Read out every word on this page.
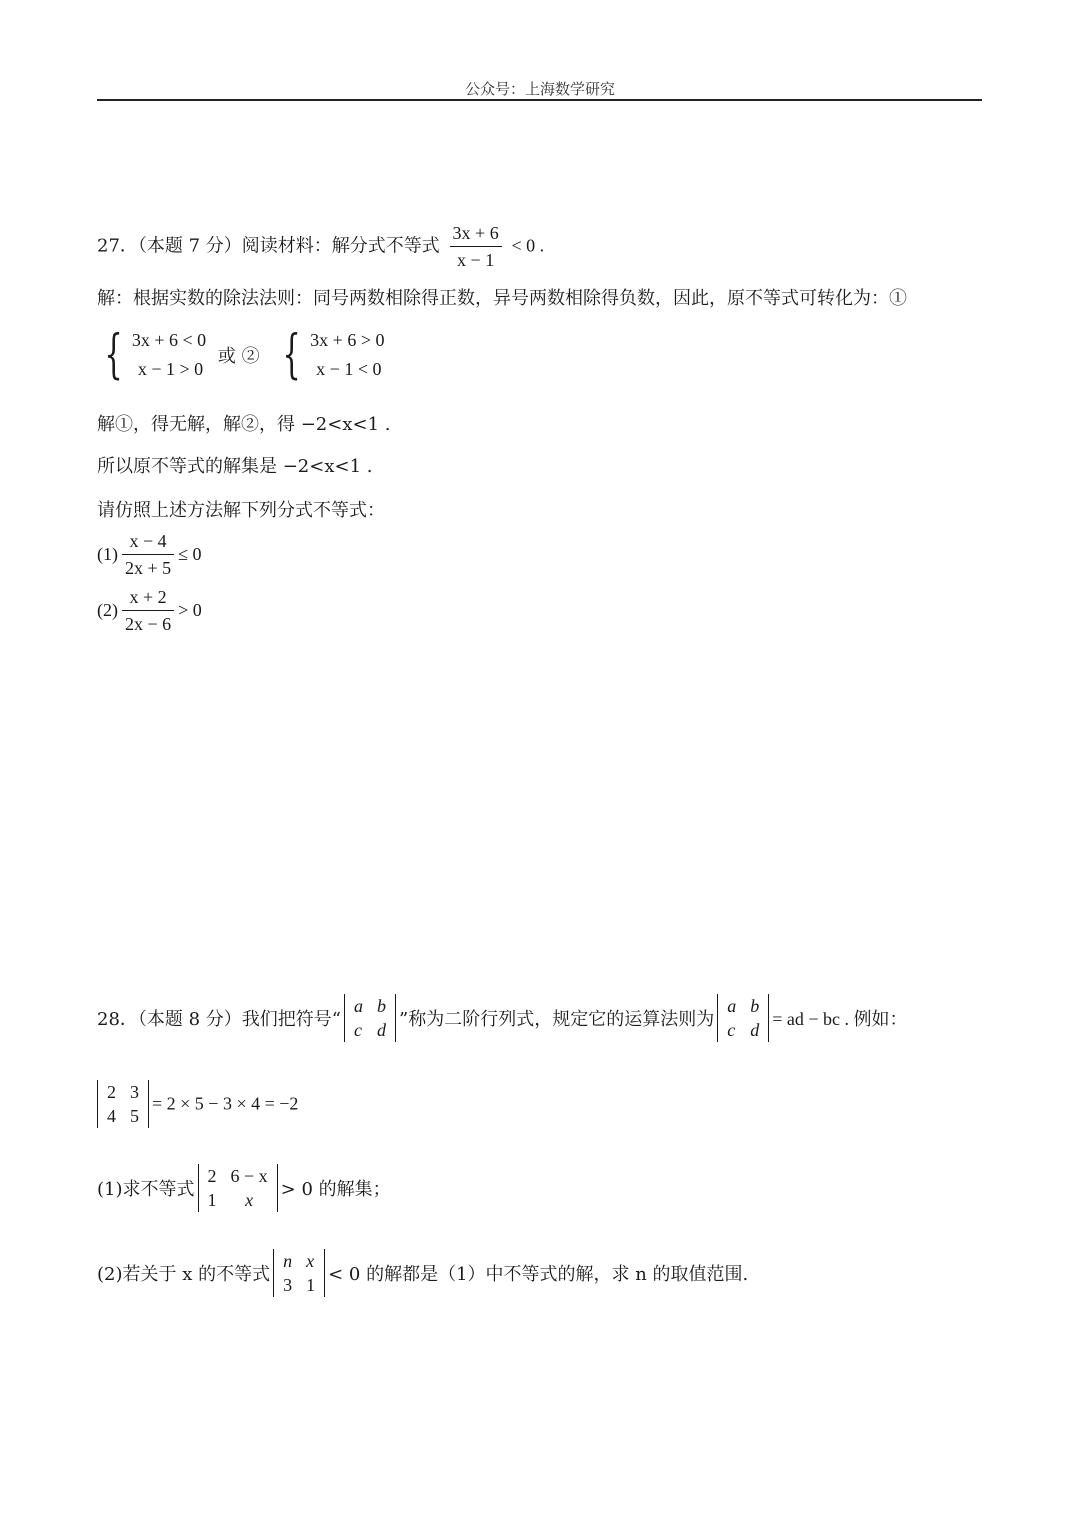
公众号：上海数学研究
27．（本题 7 分）阅读材料：解分式不等式 $\frac{3x + 6}{x - 1} < 0$ .
解：根据实数的除法法则：同号两数相除得正数，异号两数相除得负数，因此，原不等式可转化为：①
{ 3x + 6 < 0
x − 1 > 0
或 ② { 3x + 6 > 0
x − 1 < 0
解①，得无解，解②，得 −2<x<1 .
所以原不等式的解集是 −2<x<1 .
请仿照上述方法解下列分式不等式：
$(1) \frac{x - 4}{2x + 5} \le 0$
$(2) \frac{x + 2}{2x - 6} > 0$
28．（本题 8 分）我们把符号“
a	b
c	d ”称为二阶行列式，规定它的运算法则为
a	b
c	d
= ad − bc . 例如：
2	3
4	5
= 2 × 5 − 3 × 4 = −2
(1)求不等式
2	6 − x
1	x > 0 的解集；
(2)若关于 x 的不等式
n	x
3	1 < 0 的解都是（1）中不等式的解，求 n 的取值范围.
